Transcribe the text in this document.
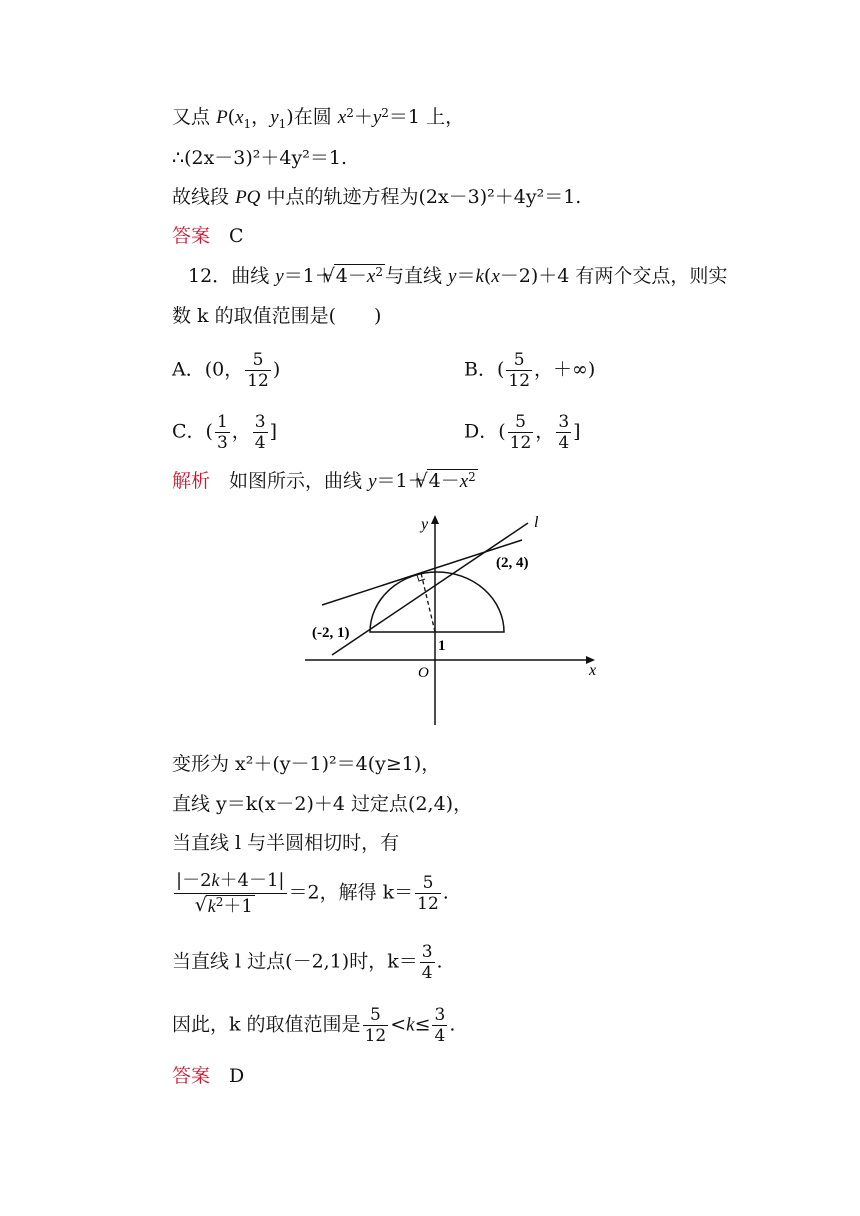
又点 $P(x_1$，$y_1$)在圆 $x^2+y^2=1$ 上，
∴(2x－3)²＋4y²＝1.
故线段 PQ 中点的轨迹方程为(2x－3)²＋4y²＝1.
答案　 C
12．曲线 y＝1＋ √ $4-x^2$ 与直线 y＝k(x－2)＋4 有两个交点，则实
数 k 的取值范围是(　　)
A．(0， $\frac{5}{12}$ )	B．( $\frac{5}{12}$ ，＋∞)
C．( $\frac{1}{3}$ ， $\frac{3}{4}$ ]	D．( $\frac{5}{12}$ ， $\frac{3}{4}$ ]
解析　 如图所示，曲线 y＝1＋ √ $4-x^2$
y
x
l
O
(2, 4)
(-2, 1)
1
变形为 x²＋(y－1)²＝4(y≥1)，
直线 y＝k(x－2)＋4 过定点(2,4)，
当直线 l 与半圆相切时，有
|－2k＋4－1|
√ $k^2+1 =2$，解得 $k= \frac{5}{12}$ .
当直线 l 过点(－2,1)时，$k= \frac{3}{4}$ .
因此，k 的取值范围是 $\frac{5}{12} <k\le \frac{3}{4}$ .
答案　 D
